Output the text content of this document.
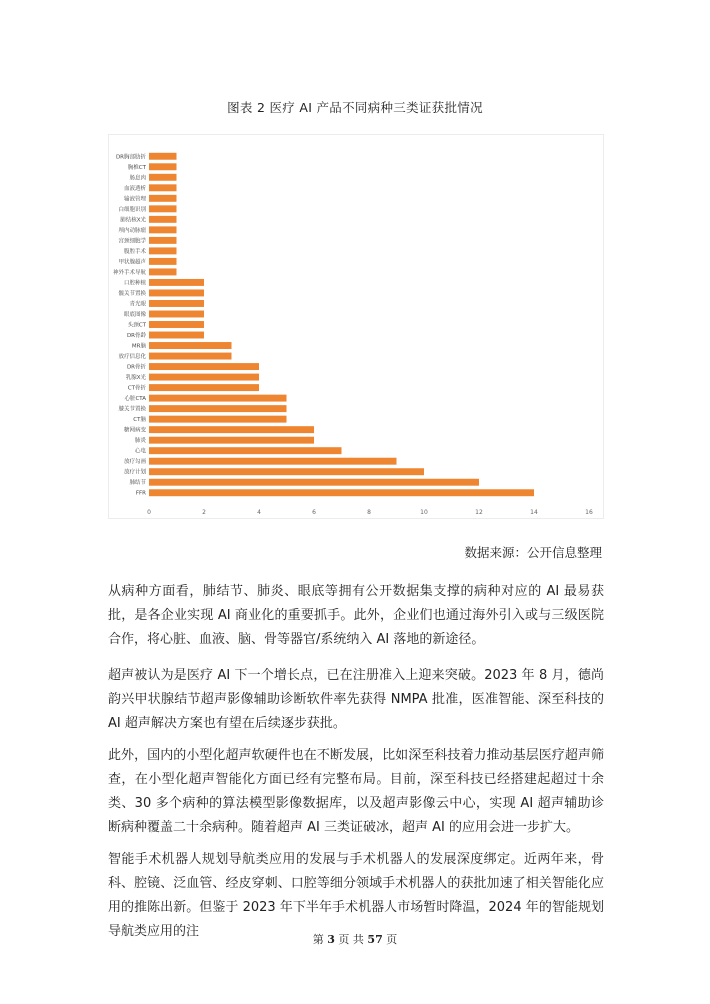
图表 2 医疗 AI 产品不同病种三类证获批情况
DR胸部肋折
胸椎CT
肠息肉
血液透析
输液管理
白细胞识别
肺结核X光
颅内动脉瘤
宫颈细胞学
腹腔手术
甲状腺超声
神外手术导航
口腔种植
髋关节置换
青光眼
眼底图像
头颈CT
DR骨龄
MR脑
放疗信息化
DR骨折
乳腺X光
CT骨折
心脏CTA
膝关节置换
CT脑
糖网病变
肺炎
心电
放疗勾画
放疗计划
肺结节
FFR
0	2	4	6	8	10	12	14	16
数据来源：公开信息整理

从病种方面看，肺结节、肺炎、眼底等拥有公开数据集支撑的病种对应的 AI 最易获批，是各企业实现 AI 商业化的重要抓手。此外，企业们也通过海外引入或与三级医院合作，将心脏、血液、脑、骨等器官/系统纳入 AI 落地的新途径。

超声被认为是医疗 AI 下一个增长点，已在注册准入上迎来突破。2023 年 8 月，德尚韵兴甲状腺结节超声影像辅助诊断软件率先获得 NMPA 批准，医准智能、深至科技的 AI 超声解决方案也有望在后续逐步获批。

此外，国内的小型化超声软硬件也在不断发展，比如深至科技着力推动基层医疗超声筛查，在小型化超声智能化方面已经有完整布局。目前，深至科技已经搭建起超过十余类、30 多个病种的算法模型影像数据库，以及超声影像云中心，实现 AI 超声辅助诊断病种覆盖二十余病种。随着超声 AI 三类证破冰，超声 AI 的应用会进一步扩大。

智能手术机器人规划导航类应用的发展与手术机器人的发展深度绑定。近两年来，骨科、腔镜、泛血管、经皮穿刺、口腔等细分领域手术机器人的获批加速了相关智能化应用的推陈出新。但鉴于 2023 年下半年手术机器人市场暂时降温，2024 年的智能规划导航类应用的注

第 3 页 共 57 页
